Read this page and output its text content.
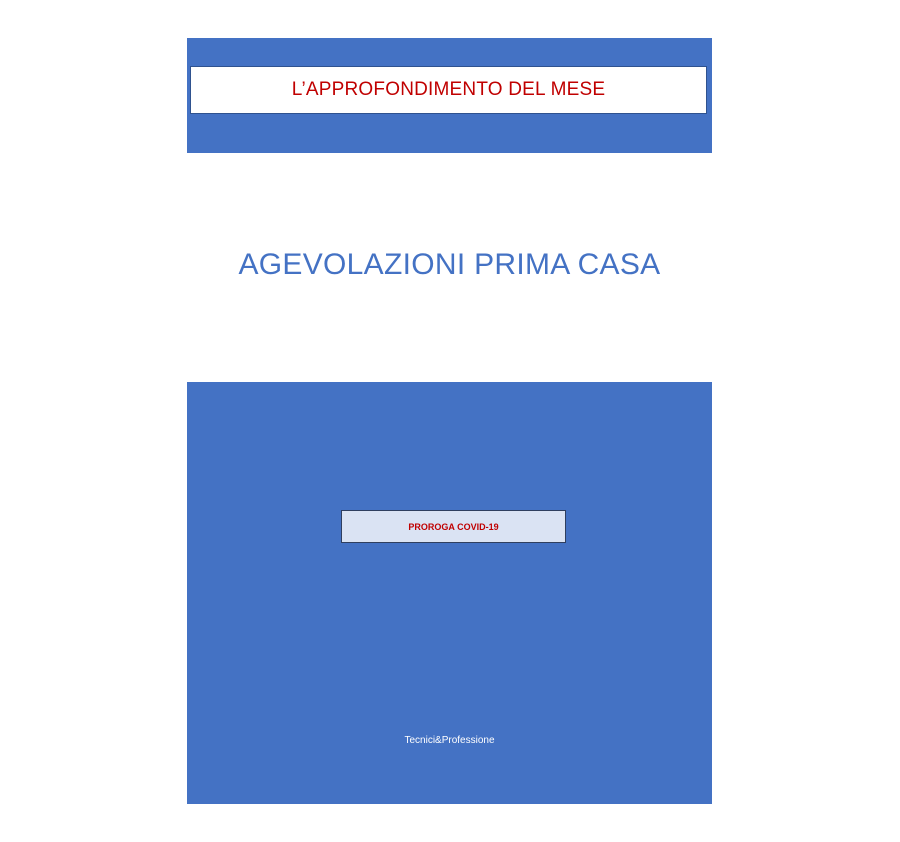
L’APPROFONDIMENTO DEL MESE
AGEVOLAZIONI PRIMA CASA
PROROGA COVID-19
Tecnici&Professione
